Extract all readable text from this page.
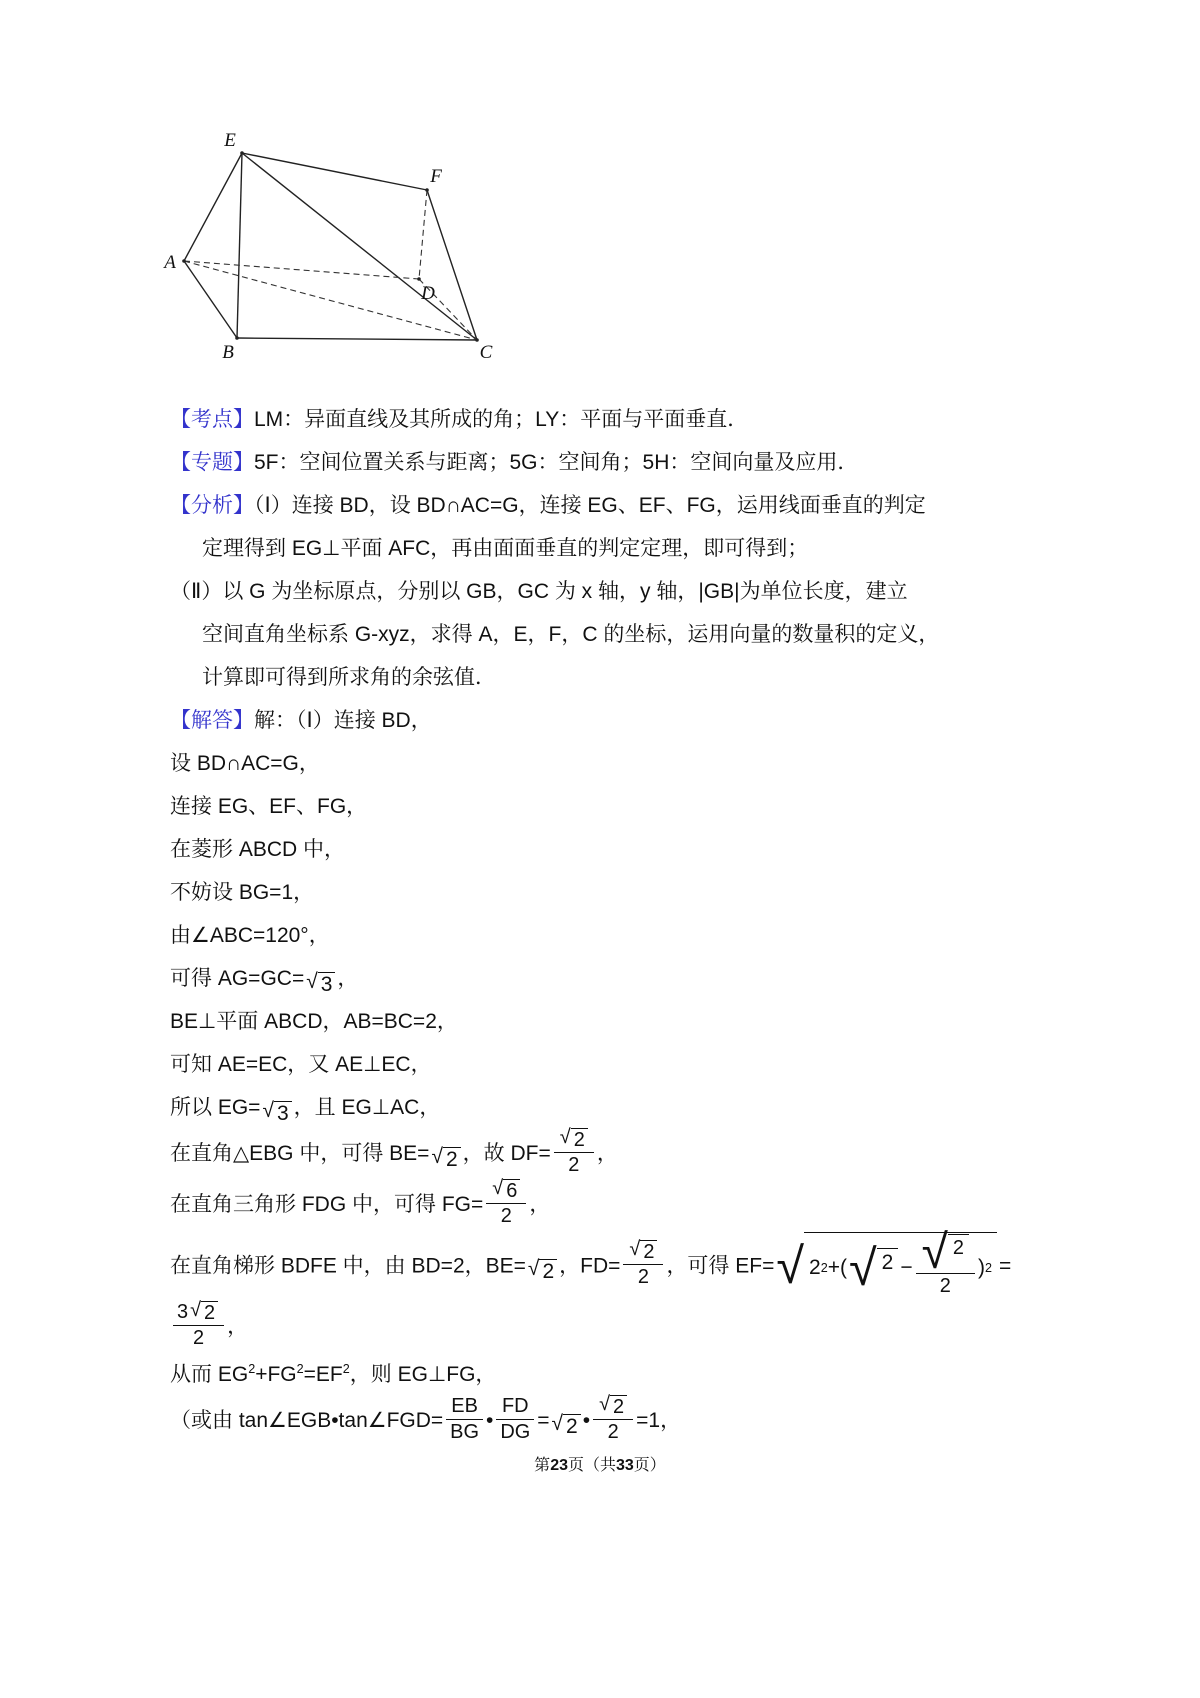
E
F
A
D
B	C
【考点】LM：异面直线及其所成的角；LY：平面与平面垂直．
【专题】5F：空间位置关系与距离；5G：空间角；5H：空间向量及应用．
【分析】（Ⅰ）连接 BD，设 BD∩AC=G，连接 EG、EF、FG，运用线面垂直的判定
定理得到 EG⊥平面 AFC，再由面面垂直的判定定理，即可得到；
（Ⅱ）以 G 为坐标原点，分别以 GB，GC 为 x 轴，y 轴，|GB|为单位长度，建立
空间直角坐标系 G-xyz，求得 A，E，F，C 的坐标，运用向量的数量积的定义，
计算即可得到所求角的余弦值．
【解答】解：（Ⅰ）连接 BD，
设 BD∩AC=G，
连接 EG、EF、FG，
在菱形 ABCD 中，
不妨设 BG=1，
由∠ABC=120°，
可得 AG=GC= √ 3 ，
BE⊥平面 ABCD，AB=BC=2，
可知 AE=EC，又 AE⊥EC，
所以 EG= √ 3 ，且 EG⊥AC，
在直角△EBG 中，可得 BE= √ 2 ，故 $DF= \frac{√ 2}{2}$ ，
在直角三角形 FDG 中，可得 $FG= \frac{√ 6}{2}$ ，
在直角梯形 BDFE 中，由 BD=2，BE= √ 2 ，$FD= \frac{√ 2}{2}$ ，可得 EF= √ 2 2 +( √ $2 - \frac{√ 2}{2}$ ) 2 =
$\frac{3 √ 2}{2}$ ，
从而 $EG^2+FG^2=EF^2$，则 EG⊥FG，
（或由 tan∠EGB•tan∠FGD= $\frac{EB}{BG}$ • $\frac{FD}{DG}$ = √ 2 • $\frac{√ 2}{2} =1$，
第23页（共33页）
